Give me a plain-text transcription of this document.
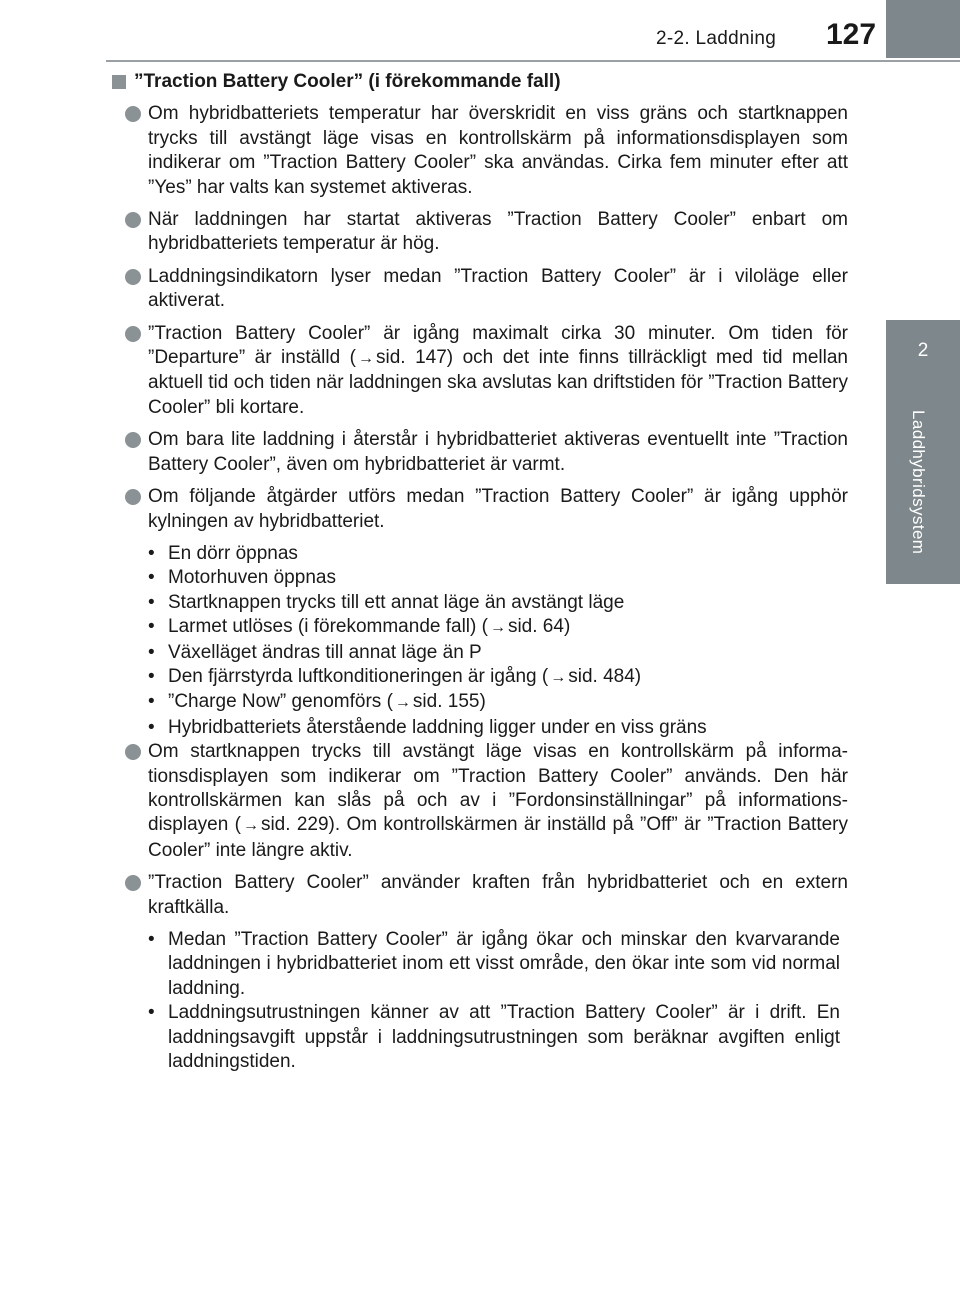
2-2. Laddning 127
2
Laddhybridsystem
”Traction Battery Cooler” (i förekommande fall)
Om hybridbatteriets temperatur har överskridit en viss gräns och startknappen trycks till avstängt läge visas en kontrollskärm på informationsdisplayen som indikerar om ”Traction Battery Cooler” ska användas. Cirka fem minuter efter att ”Yes” har valts kan systemet aktiveras.
När laddningen har startat aktiveras ”Traction Battery Cooler” enbart om hybridbatteriets temperatur är hög.
Laddningsindikatorn lyser medan ”Traction Battery Cooler” är i viloläge eller aktiverat.
”Traction Battery Cooler” är igång maximalt cirka 30 minuter. Om tiden för ”Departure” är inställd ( → sid. 147) och det inte finns tillräckligt med tid mellan aktuell tid och tiden när laddningen ska avslutas kan driftstiden för ”Traction Battery Cooler” bli kortare.
Om bara lite laddning i återstår i hybridbatteriet aktiveras eventuellt inte ”Traction Battery Cooler”, även om hybridbatteriet är varmt.
Om följande åtgärder utförs medan ”Traction Battery Cooler” är igång upphör kylningen av hybridbatteriet.
• En dörr öppnas
• Motorhuven öppnas
• Startknappen trycks till ett annat läge än avstängt läge
• Larmet utlöses (i förekommande fall) ( → sid. 64)
• Växelläget ändras till annat läge än P
• Den fjärrstyrda luftkonditioneringen är igång ( → sid. 484)
• ”Charge Now” genomförs ( → sid. 155)
• Hybridbatteriets återstående laddning ligger under en viss gräns
Om startknappen trycks till avstängt läge visas en kontrollskärm på informationsdisplayen som indikerar om ”Traction Battery Cooler” används. Den här kontrollskärmen kan slås på och av i ”Fordonsinställningar” på informationsdisplayen ( → sid. 229). Om kontrollskärmen är inställd på ”Off” är ”Traction Battery Cooler” inte längre aktiv.
”Traction Battery Cooler” använder kraften från hybridbatteriet och en extern kraftkälla.
• Medan ”Traction Battery Cooler” är igång ökar och minskar den kvarvarande laddningen i hybridbatteriet inom ett visst område, den ökar inte som vid normal laddning.
• Laddningsutrustningen känner av att ”Traction Battery Cooler” är i drift. En laddningsavgift uppstår i laddningsutrustningen som beräknar avgiften enligt laddningstiden.
